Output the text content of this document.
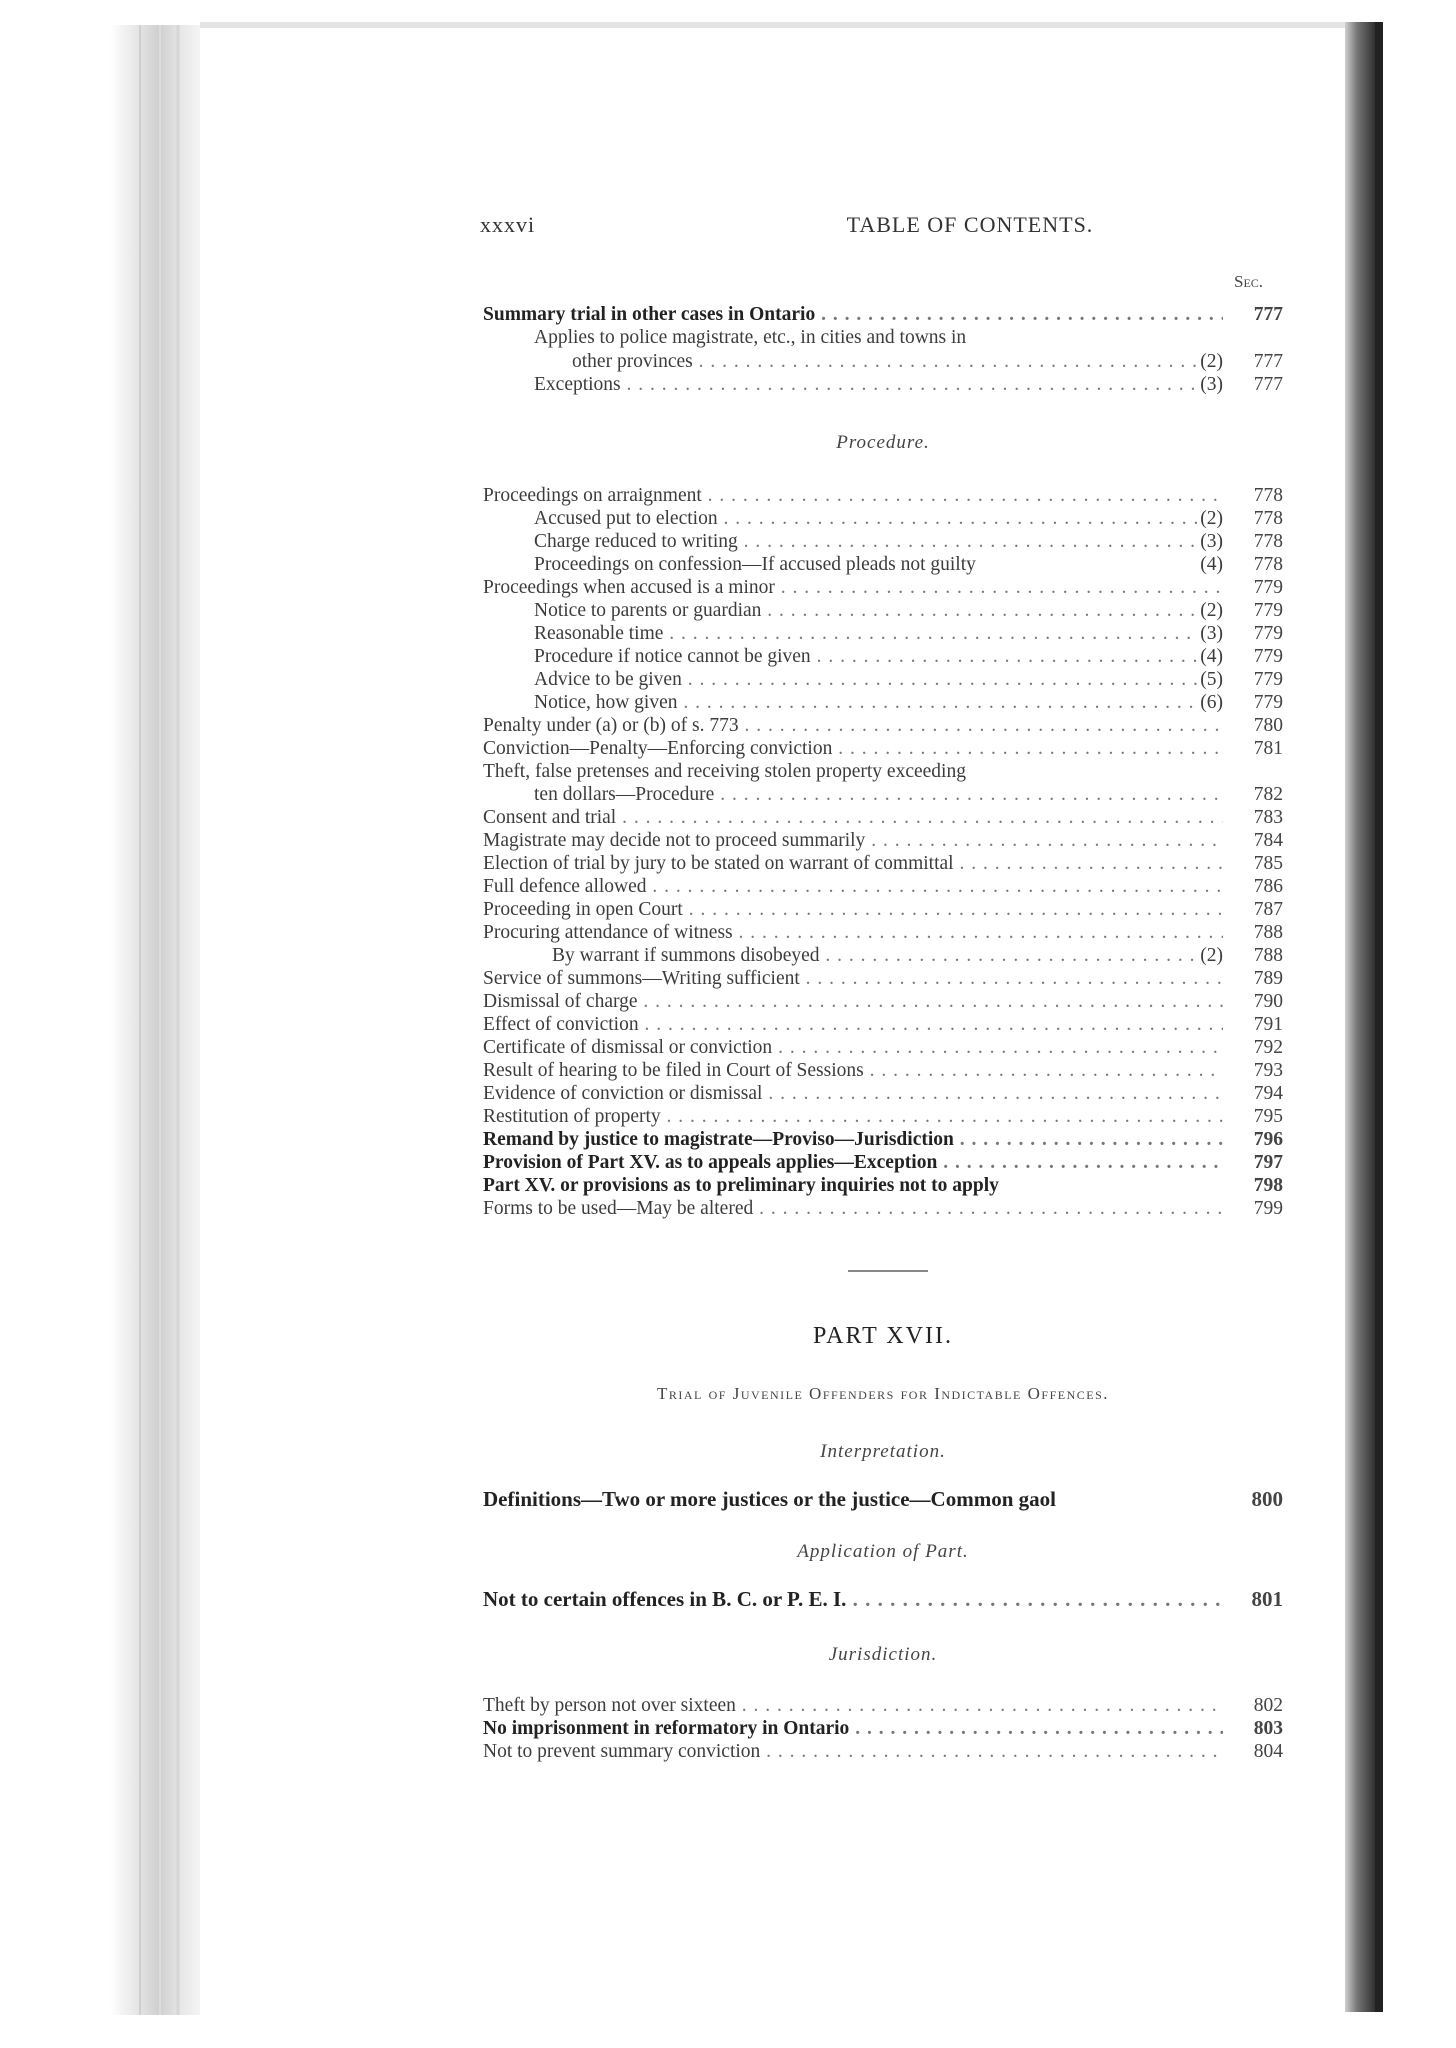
xxxvi	TABLE OF CONTENTS.
Sec.
Summary trial in other cases in Ontario . . .	777
Applies to police magistrate, etc., in cities and towns in
other provinces . . .	(2)	777
Exceptions . . .	(3)	777
Procedure.
Proceedings on arraignment . . .	778
Accused put to election . . .	(2)	778
Charge reduced to writing . . .	(3)	778
Proceedings on confession—If accused pleads not guilty	(4)	778
Proceedings when accused is a minor . . .	779
Notice to parents or guardian . . .	(2)	779
Reasonable time . . .	(3)	779
Procedure if notice cannot be given . . .	(4)	779
Advice to be given . . .	(5)	779
Notice, how given . . .	(6)	779
Penalty under (a) or (b) of s. 773 . . .	780
Conviction—Penalty—Enforcing conviction . . .	781
Theft, false pretenses and receiving stolen property exceeding
ten dollars—Procedure . . .	782
Consent and trial . . .	783
Magistrate may decide not to proceed summarily . . .	784
Election of trial by jury to be stated on warrant of committal . . .	785
Full defence allowed . . .	786
Proceeding in open Court . . .	787
Procuring attendance of witness . . .	788
By warrant if summons disobeyed . . .	(2)	788
Service of summons—Writing sufficient . . .	789
Dismissal of charge . . .	790
Effect of conviction . . .	791
Certificate of dismissal or conviction . . .	792
Result of hearing to be filed in Court of Sessions . . .	793
Evidence of conviction or dismissal . . .	794
Restitution of property . . .	795
Remand by justice to magistrate—Proviso—Jurisdiction . . .	796
Provision of Part XV. as to appeals applies—Exception . . .	797
Part XV. or provisions as to preliminary inquiries not to apply	798
Forms to be used—May be altered . . .	799
PART XVII.
Trial of Juvenile Offenders for Indictable Offences.
Interpretation.
Definitions—Two or more justices or the justice—Common gaol	800
Application of Part.
Not to certain offences in B. C. or P. E. I. . . .	801
Jurisdiction.
Theft by person not over sixteen . . .	802
No imprisonment in reformatory in Ontario . . .	803
Not to prevent summary conviction . . .	804
